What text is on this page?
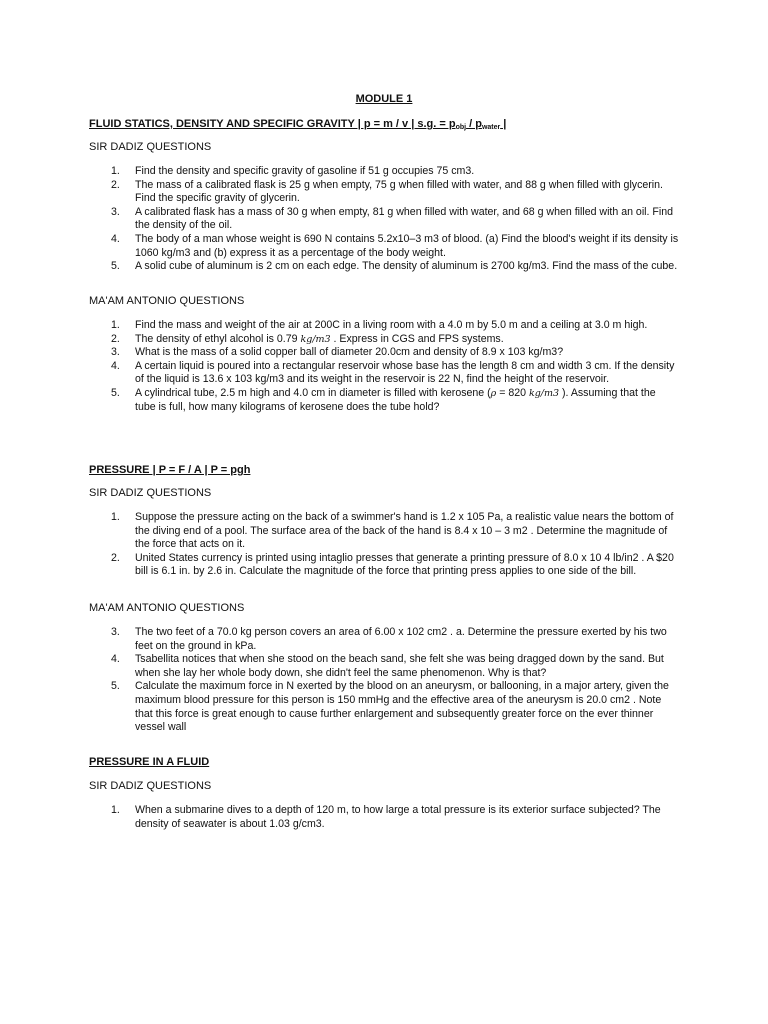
MODULE 1
FLUID STATICS, DENSITY AND SPECIFIC GRAVITY | p = m / v | s.g. = $p_{obj} / p_{water}$ |
SIR DADIZ QUESTIONS
1. Find the density and specific gravity of gasoline if 51 g occupies 75 cm3.
2. The mass of a calibrated flask is 25 g when empty, 75 g when filled with water, and 88 g when filled with glycerin. Find the specific gravity of glycerin.
3. A calibrated flask has a mass of 30 g when empty, 81 g when filled with water, and 68 g when filled with an oil. Find the density of the oil.
4. The body of a man whose weight is 690 N contains 5.2x10–3 m3 of blood. (a) Find the blood's weight if its density is 1060 kg/m3 and (b) express it as a percentage of the body weight.
5. A solid cube of aluminum is 2 cm on each edge. The density of aluminum is 2700 kg/m3. Find the mass of the cube.
MA'AM ANTONIO QUESTIONS
1. Find the mass and weight of the air at 200C in a living room with a 4.0 m by 5.0 m and a ceiling at 3.0 m high.
2. The density of ethyl alcohol is 0.79 kg/m3 . Express in CGS and FPS systems.
3. What is the mass of a solid copper ball of diameter 20.0cm and density of 8.9 x 103 kg/m3?
4. A certain liquid is poured into a rectangular reservoir whose base has the length 8 cm and width 3 cm. If the density of the liquid is 13.6 x 103 kg/m3 and its weight in the reservoir is 22 N, find the height of the reservoir.
5. A cylindrical tube, 2.5 m high and 4.0 cm in diameter is filled with kerosene (ρ = 820 kg/m3 ). Assuming that the tube is full, how many kilograms of kerosene does the tube hold?
PRESSURE | P = F / A | P = pgh
SIR DADIZ QUESTIONS
1. Suppose the pressure acting on the back of a swimmer's hand is 1.2 x 105 Pa, a realistic value nears the bottom of the diving end of a pool. The surface area of the back of the hand is 8.4 x 10 – 3 m2 . Determine the magnitude of the force that acts on it.
2. United States currency is printed using intaglio presses that generate a printing pressure of 8.0 x 10 4 lb/in2 . A $20 bill is 6.1 in. by 2.6 in. Calculate the magnitude of the force that printing press applies to one side of the bill.
MA'AM ANTONIO QUESTIONS
3. The two feet of a 70.0 kg person covers an area of 6.00 x 102 cm2 . a. Determine the pressure exerted by his two feet on the ground in kPa.
4. Tsabellita notices that when she stood on the beach sand, she felt she was being dragged down by the sand. But when she lay her whole body down, she didn't feel the same phenomenon. Why is that?
5. Calculate the maximum force in N exerted by the blood on an aneurysm, or ballooning, in a major artery, given the maximum blood pressure for this person is 150 mmHg and the effective area of the aneurysm is 20.0 cm2 . Note that this force is great enough to cause further enlargement and subsequently greater force on the ever thinner vessel wall
PRESSURE IN A FLUID
SIR DADIZ QUESTIONS
1. When a submarine dives to a depth of 120 m, to how large a total pressure is its exterior surface subjected? The density of seawater is about 1.03 g/cm3.
